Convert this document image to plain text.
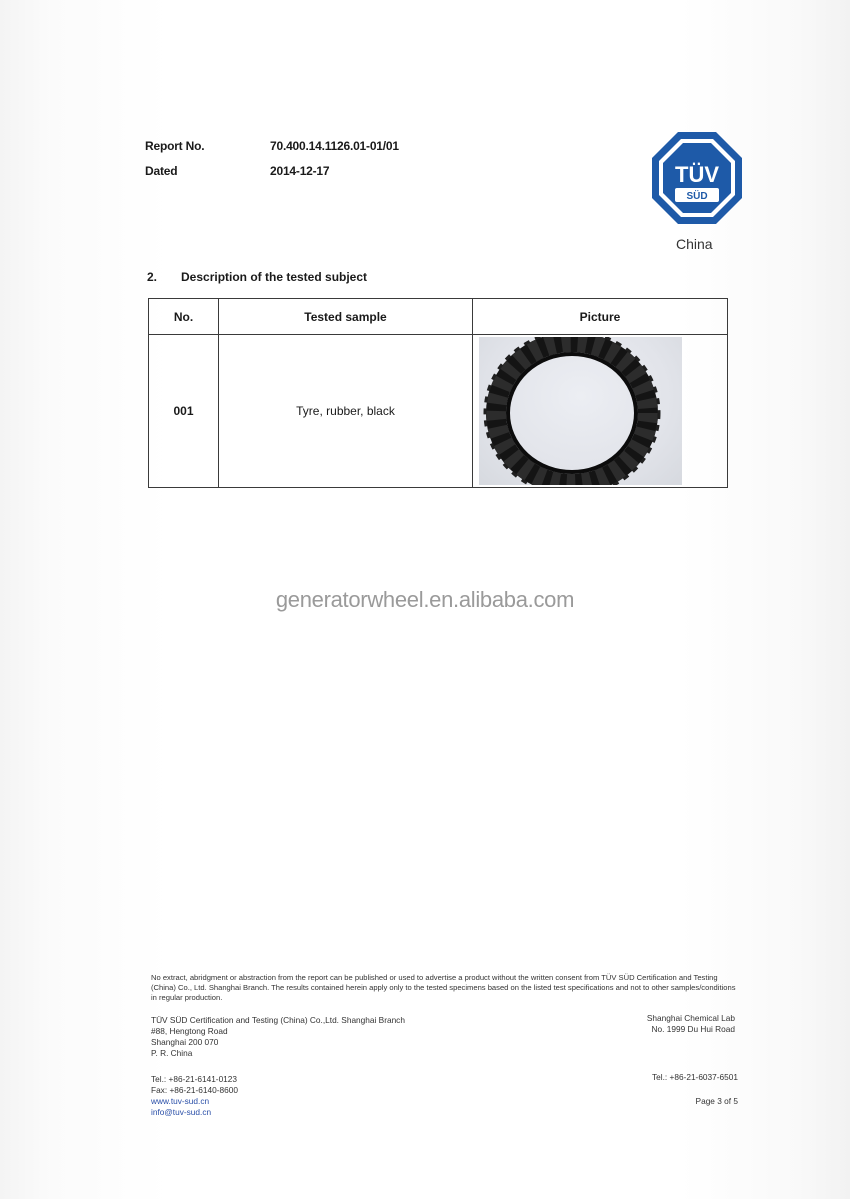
Report No.	70.400.14.1126.01-01/01
Dated	2014-12-17	TÜV
SÜD
China
2. Description of the tested subject
No.	Tested sample	Picture
001	Tyre, rubber, black	
generatorwheel.en.alibaba.com
No extract, abridgment or abstraction from the report can be published or used to advertise a product without the written consent from TÜV SÜD Certification and Testing (China) Co., Ltd. Shanghai Branch. The results contained herein apply only to the tested specimens based on the listed test specifications and not to other samples/conditions in regular production.
TÜV SÜD Certification and Testing (China) Co.,Ltd. Shanghai Branch
#88, Hengtong Road
Shanghai 200 070
P. R. China
Shanghai Chemical Lab
No. 1999 Du Hui Road
Tel.: +86-21-6141-0123
Fax: +86-21-6140-8600
www.tuv-sud.cn
info@tuv-sud.cn
Tel.: +86-21-6037-6501
Page 3 of 5
